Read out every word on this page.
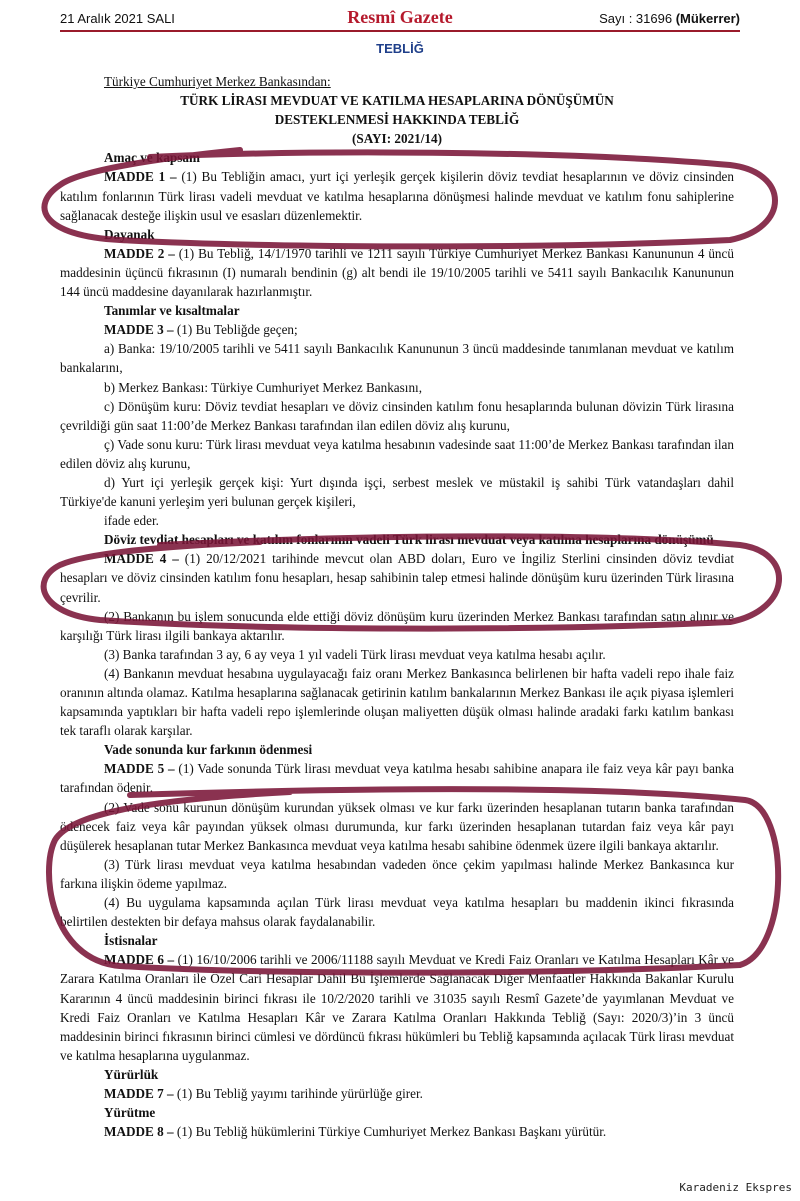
21 Aralık 2021 SALI	Resmî Gazete	Sayı : 31696 (Mükerrer)
TEBLİĞ

Türkiye Cumhuriyet Merkez Bankasından:

TÜRK LİRASI MEVDUAT VE KATILMA HESAPLARINA DÖNÜŞÜMÜN

DESTEKLENMESİ HAKKINDA TEBLİĞ

(SAYI: 2021/14)

Amaç ve kapsam

MADDE 1 – (1) Bu Tebliğin amacı, yurt içi yerleşik gerçek kişilerin döviz tevdiat hesaplarının ve döviz cinsinden katılım fonlarının Türk lirası vadeli mevduat ve katılma hesaplarına dönüşmesi halinde mevduat ve katılım fonu sahiplerine sağlanacak desteğe ilişkin usul ve esasları düzenlemektir.

Dayanak

MADDE 2 – (1) Bu Tebliğ, 14/1/1970 tarihli ve 1211 sayılı Türkiye Cumhuriyet Merkez Bankası Kanununun 4 üncü maddesinin üçüncü fıkrasının (I) numaralı bendinin (g) alt bendi ile 19/10/2005 tarihli ve 5411 sayılı Bankacılık Kanununun 144 üncü maddesine dayanılarak hazırlanmıştır.

Tanımlar ve kısaltmalar

MADDE 3 – (1) Bu Tebliğde geçen;

a) Banka: 19/10/2005 tarihli ve 5411 sayılı Bankacılık Kanununun 3 üncü maddesinde tanımlanan mevduat ve katılım bankalarını,

b) Merkez Bankası: Türkiye Cumhuriyet Merkez Bankasını,

c) Dönüşüm kuru: Döviz tevdiat hesapları ve döviz cinsinden katılım fonu hesaplarında bulunan dövizin Türk lirasına çevrildiği gün saat 11:00’de Merkez Bankası tarafından ilan edilen döviz alış kurunu,

ç) Vade sonu kuru: Türk lirası mevduat veya katılma hesabının vadesinde saat 11:00’de Merkez Bankası tarafından ilan edilen döviz alış kurunu,

d) Yurt içi yerleşik gerçek kişi: Yurt dışında işçi, serbest meslek ve müstakil iş sahibi Türk vatandaşları dahil Türkiye'de kanuni yerleşim yeri bulunan gerçek kişileri,

ifade eder.

Döviz tevdiat hesapları ve katılım fonlarının vadeli Türk lirası mevduat veya katılma hesaplarına dönüşümü

MADDE 4 – (1) 20/12/2021 tarihinde mevcut olan ABD doları, Euro ve İngiliz Sterlini cinsinden döviz tevdiat hesapları ve döviz cinsinden katılım fonu hesapları, hesap sahibinin talep etmesi halinde dönüşüm kuru üzerinden Türk lirasına çevrilir.

(2) Bankanın bu işlem sonucunda elde ettiği döviz dönüşüm kuru üzerinden Merkez Bankası tarafından satın alınır ve karşılığı Türk lirası ilgili bankaya aktarılır.

(3) Banka tarafından 3 ay, 6 ay veya 1 yıl vadeli Türk lirası mevduat veya katılma hesabı açılır.

(4) Bankanın mevduat hesabına uygulayacağı faiz oranı Merkez Bankasınca belirlenen bir hafta vadeli repo ihale faiz oranının altında olamaz. Katılma hesaplarına sağlanacak getirinin katılım bankalarının Merkez Bankası ile açık piyasa işlemleri kapsamında yaptıkları bir hafta vadeli repo işlemlerinde oluşan maliyetten düşük olması halinde aradaki farkı katılım bankası tek taraflı olarak karşılar.

Vade sonunda kur farkının ödenmesi

MADDE 5 – (1) Vade sonunda Türk lirası mevduat veya katılma hesabı sahibine anapara ile faiz veya kâr payı banka tarafından ödenir.

(2) Vade sonu kurunun dönüşüm kurundan yüksek olması ve kur farkı üzerinden hesaplanan tutarın banka tarafından ödenecek faiz veya kâr payından yüksek olması durumunda, kur farkı üzerinden hesaplanan tutardan faiz veya kâr payı düşülerek hesaplanan tutar Merkez Bankasınca mevduat veya katılma hesabı sahibine ödenmek üzere ilgili bankaya aktarılır.

(3) Türk lirası mevduat veya katılma hesabından vadeden önce çekim yapılması halinde Merkez Bankasınca kur farkına ilişkin ödeme yapılmaz.

(4) Bu uygulama kapsamında açılan Türk lirası mevduat veya katılma hesapları bu maddenin ikinci fıkrasında belirtilen destekten bir defaya mahsus olarak faydalanabilir.

İstisnalar

MADDE 6 – (1) 16/10/2006 tarihli ve 2006/11188 sayılı Mevduat ve Kredi Faiz Oranları ve Katılma Hesapları Kâr ve Zarara Katılma Oranları ile Özel Cari Hesaplar Dahil Bu İşlemlerde Sağlanacak Diğer Menfaatler Hakkında Bakanlar Kurulu Kararının 4 üncü maddesinin birinci fıkrası ile 10/2/2020 tarihli ve 31035 sayılı Resmî Gazete’de yayımlanan Mevduat ve Kredi Faiz Oranları ve Katılma Hesapları Kâr ve Zarara Katılma Oranları Hakkında Tebliğ (Sayı: 2020/3)’in 3 üncü maddesinin birinci fıkrasının birinci cümlesi ve dördüncü fıkrası hükümleri bu Tebliğ kapsamında açılacak Türk lirası mevduat ve katılma hesaplarına uygulanmaz.

Yürürlük

MADDE 7 – (1) Bu Tebliğ yayımı tarihinde yürürlüğe girer.

Yürütme

MADDE 8 – (1) Bu Tebliğ hükümlerini Türkiye Cumhuriyet Merkez Bankası Başkanı yürütür.

Karadeniz Ekspres
